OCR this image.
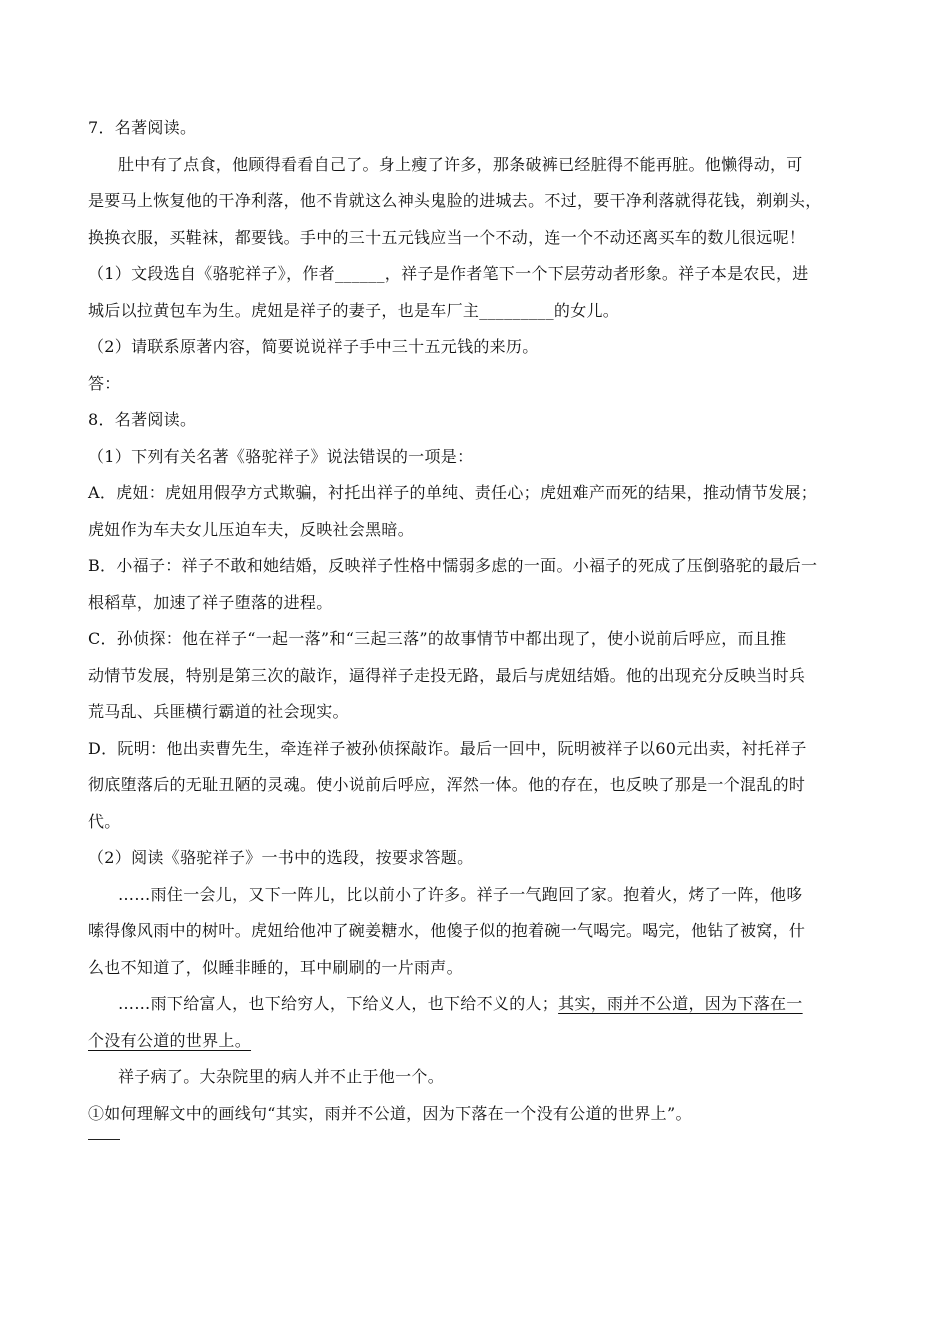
7．名著阅读。
肚中有了点食，他顾得看看自己了。身上瘦了许多，那条破裤已经脏得不能再脏。他懒得动，可
是要马上恢复他的干净利落，他不肯就这么神头鬼脸的进城去。不过，要干净利落就得花钱，剃剃头，
换换衣服，买鞋袜，都要钱。手中的三十五元钱应当一个不动，连一个不动还离买车的数儿很远呢！
（1）文段选自《骆驼祥子》，作者______，祥子是作者笔下一个下层劳动者形象。祥子本是农民，进
城后以拉黄包车为生。虎妞是祥子的妻子，也是车厂主_________的女儿。
（2）请联系原著内容，简要说说祥子手中三十五元钱的来历。
答：
8．名著阅读。
（1）下列有关名著《骆驼祥子》说法错误的一项是：
A．虎妞：虎妞用假孕方式欺骗，衬托出祥子的单纯、责任心；虎妞难产而死的结果，推动情节发展；
虎妞作为车夫女儿压迫车夫，反映社会黑暗。
B．小福子：祥子不敢和她结婚，反映祥子性格中懦弱多虑的一面。小福子的死成了压倒骆驼的最后一
根稻草，加速了祥子堕落的进程。
C．孙侦探：他在祥子“一起一落”和“三起三落”的故事情节中都出现了，使小说前后呼应，而且推
动情节发展，特别是第三次的敲诈，逼得祥子走投无路，最后与虎妞结婚。他的出现充分反映当时兵
荒马乱、兵匪横行霸道的社会现实。
D．阮明：他出卖曹先生，牵连祥子被孙侦探敲诈。最后一回中，阮明被祥子以60元出卖，衬托祥子
彻底堕落后的无耻丑陋的灵魂。使小说前后呼应，浑然一体。他的存在，也反映了那是一个混乱的时
代。
（2）阅读《骆驼祥子》一书中的选段，按要求答题。
……雨住一会儿，又下一阵儿，比以前小了许多。祥子一气跑回了家。抱着火，烤了一阵，他哆
嗦得像风雨中的树叶。虎妞给他冲了碗姜糖水，他傻子似的抱着碗一气喝完。喝完，他钻了被窝，什
么也不知道了，似睡非睡的，耳中刷刷的一片雨声。
……雨下给富人，也下给穷人，下给义人，也下给不义的人；其实，雨并不公道，因为下落在一
个没有公道的世界上。
祥子病了。大杂院里的病人并不止于他一个。
①如何理解文中的画线句“其实，雨并不公道，因为下落在一个没有公道的世界上”。
